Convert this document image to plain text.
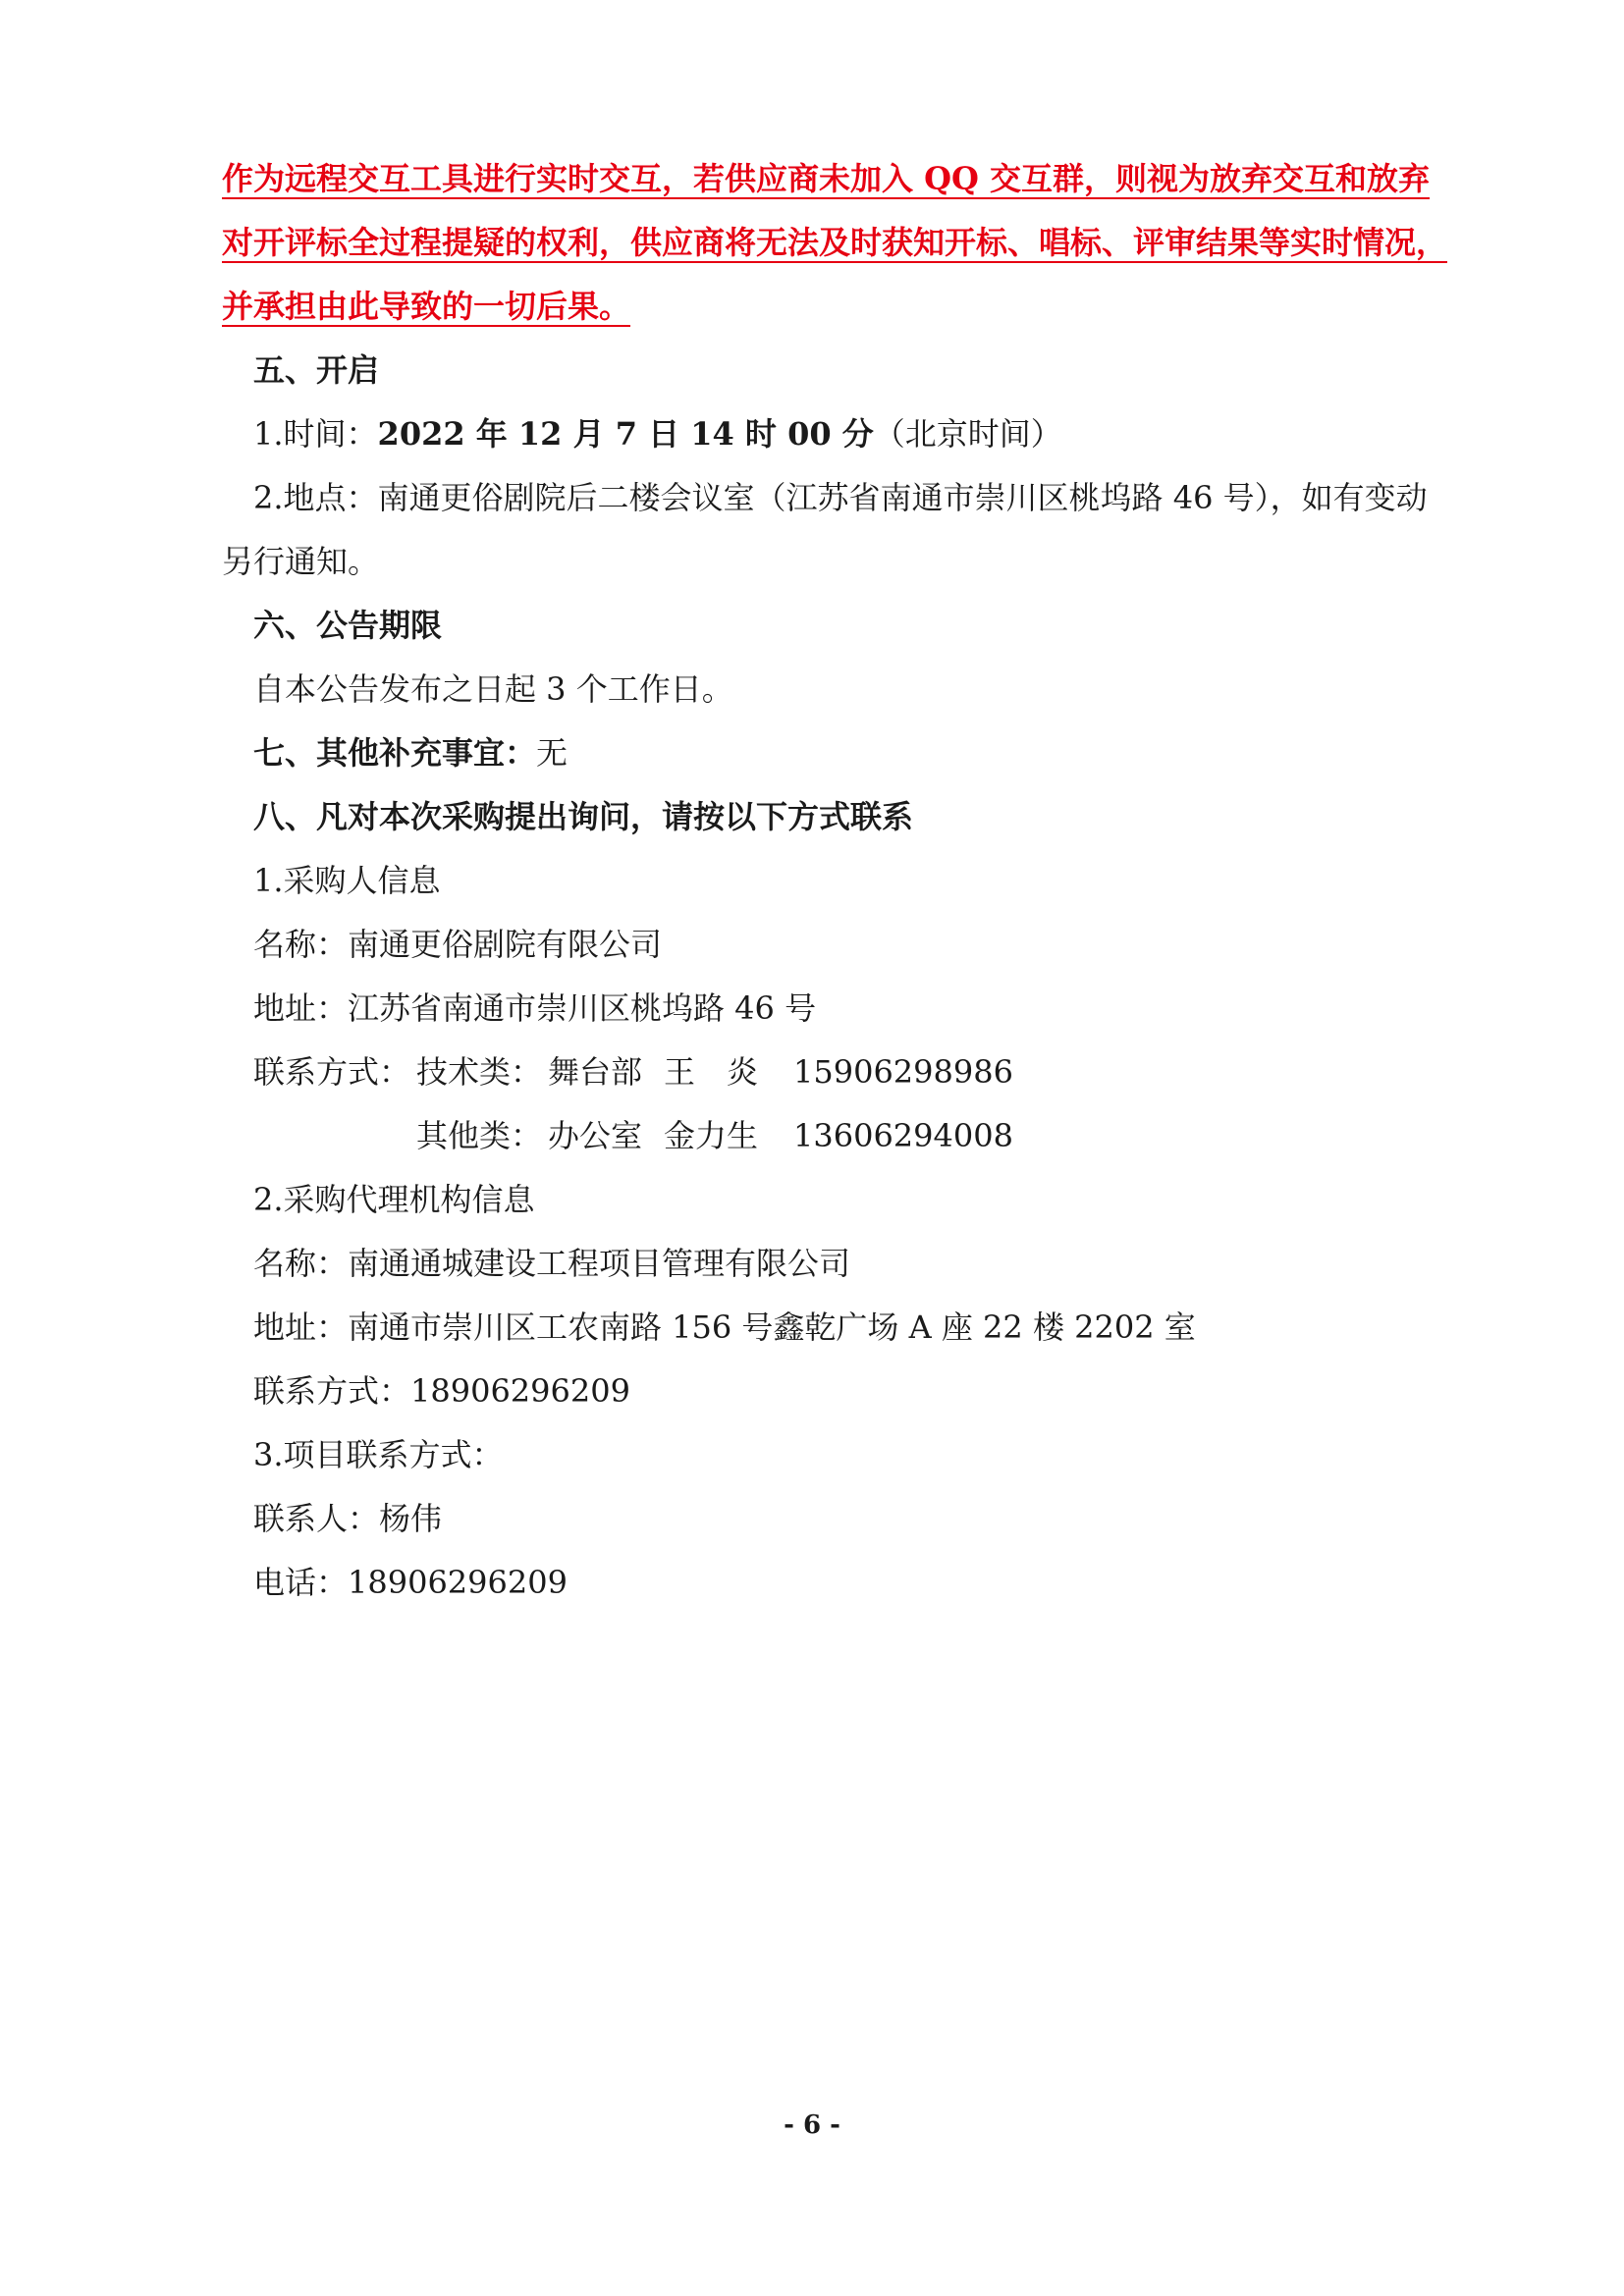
作为远程交互工具进行实时交互，若供应商未加入 QQ 交互群，则视为放弃交互和放弃
对开评标全过程提疑的权利，供应商将无法及时获知开标、唱标、评审结果等实时情况，
并承担由此导致的一切后果。
五、开启
1.时间：2022 年 12 月 7 日 14 时 00 分（北京时间）
2.地点：南通更俗剧院后二楼会议室（江苏省南通市崇川区桃坞路 46 号），如有变动
另行通知。
六、公告期限
自本公告发布之日起 3 个工作日。
七、其他补充事宜：无
八、凡对本次采购提出询问，请按以下方式联系
1.采购人信息
名称：南通更俗剧院有限公司
地址：江苏省南通市崇川区桃坞路 46 号
联系方式： 技术类： 舞台部 王　炎 15906298986
其他类： 办公室 金力生 13606294008
2.采购代理机构信息
名称：南通通城建设工程项目管理有限公司
地址：南通市崇川区工农南路 156 号鑫乾广场 A 座 22 楼 2202 室
联系方式：18906296209
3.项目联系方式：
联系人：杨伟
电话：18906296209
- 6 -
